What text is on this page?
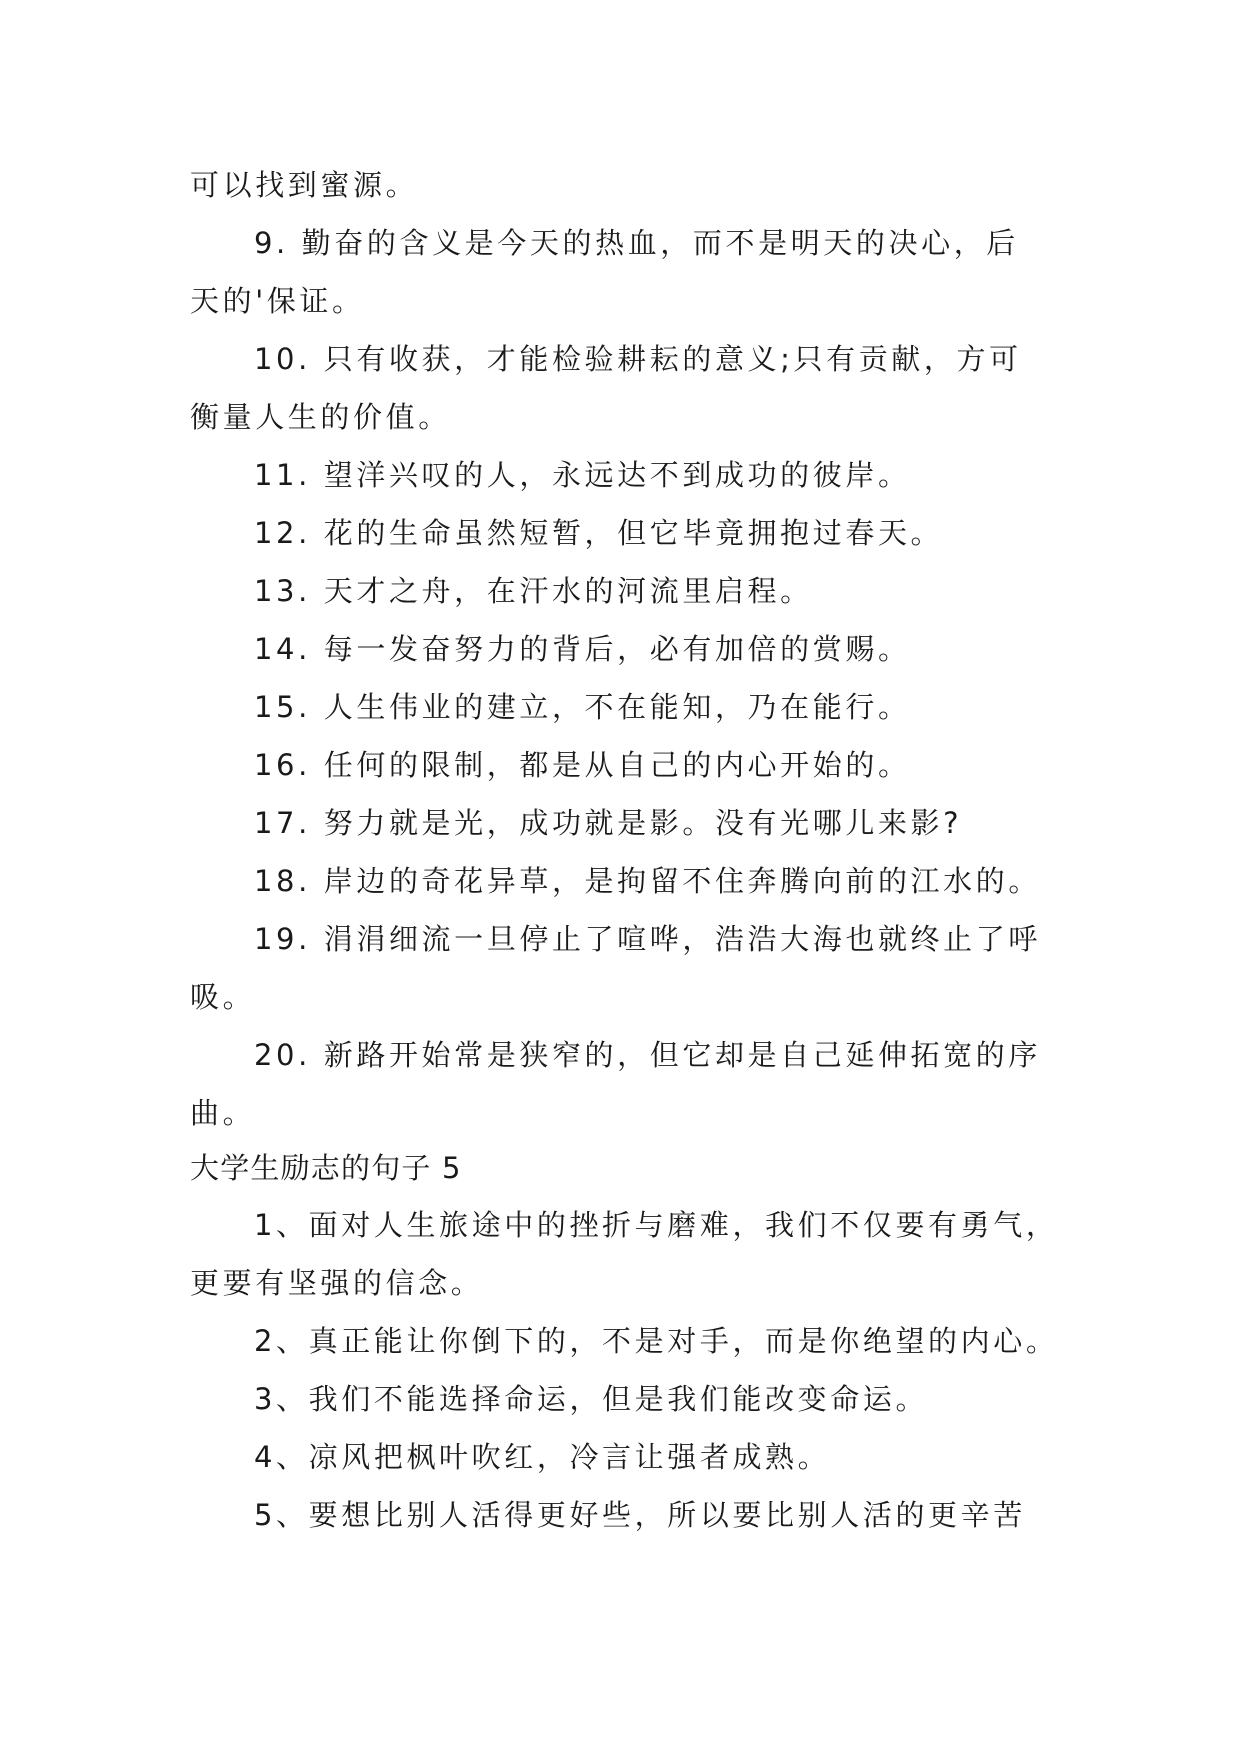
可以找到蜜源。
9. 勤奋的含义是今天的热血，而不是明天的决心，后
天的'保证。
10. 只有收获，才能检验耕耘的意义;只有贡献，方可
衡量人生的价值。
11. 望洋兴叹的人，永远达不到成功的彼岸。
12. 花的生命虽然短暂，但它毕竟拥抱过春天。
13. 天才之舟，在汗水的河流里启程。
14. 每一发奋努力的背后，必有加倍的赏赐。
15. 人生伟业的建立，不在能知，乃在能行。
16. 任何的限制，都是从自己的内心开始的。
17. 努力就是光，成功就是影。没有光哪儿来影?
18. 岸边的奇花异草，是拘留不住奔腾向前的江水的。
19. 涓涓细流一旦停止了喧哗，浩浩大海也就终止了呼
吸。
20. 新路开始常是狭窄的，但它却是自己延伸拓宽的序
曲。
大学生励志的句子 5
1、面对人生旅途中的挫折与磨难，我们不仅要有勇气，
更要有坚强的信念。
2、真正能让你倒下的，不是对手，而是你绝望的内心。
3、我们不能选择命运，但是我们能改变命运。
4、凉风把枫叶吹红，冷言让强者成熟。
5、要想比别人活得更好些，所以要比别人活的更辛苦
